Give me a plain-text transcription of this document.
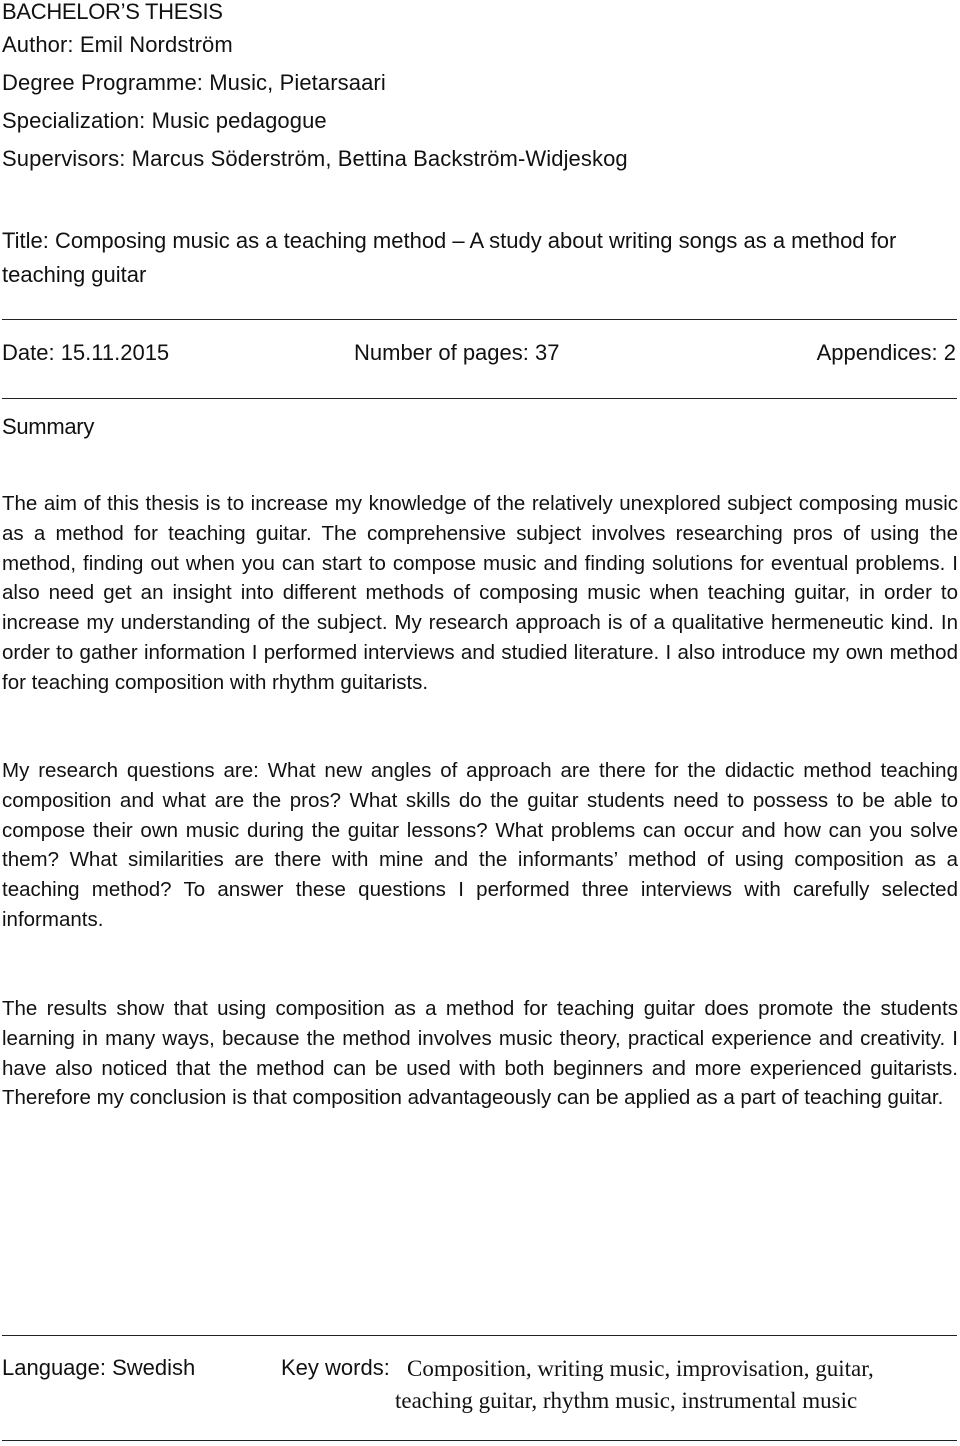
BACHELOR’S THESIS
Author: Emil Nordström
Degree Programme: Music, Pietarsaari
Specialization: Music pedagogue
Supervisors: Marcus Söderström, Bettina Backström-Widjeskog
Title: Composing music as a teaching method – A study about writing songs as a method for teaching guitar
Date: 15.11.2015	Number of pages: 37	Appendices: 2
Summary

The aim of this thesis is to increase my knowledge of the relatively unexplored subject composing music as a method for teaching guitar. The comprehensive subject involves researching pros of using the method, finding out when you can start to compose music and finding solutions for eventual problems. I also need get an insight into different methods of composing music when teaching guitar, in order to increase my understanding of the subject. My research approach is of a qualitative hermeneutic kind. In order to gather information I performed interviews and studied literature. I also introduce my own method for teaching composition with rhythm guitarists.

My research questions are: What new angles of approach are there for the didactic method teaching composition and what are the pros? What skills do the guitar students need to possess to be able to compose their own music during the guitar lessons? What problems can occur and how can you solve them? What similarities are there with mine and the informants’ method of using composition as a teaching method? To answer these questions I performed three interviews with carefully selected informants.

The results show that using composition as a method for teaching guitar does promote the students learning in many ways, because the method involves music theory, practical experience and creativity. I have also noticed that the method can be used with both beginners and more experienced guitarists. Therefore my conclusion is that composition advantageously can be applied as a part of teaching guitar.

Language: Swedish	Key words: Composition, writing music, improvisation, guitar,
teaching guitar, rhythm music, instrumental music
